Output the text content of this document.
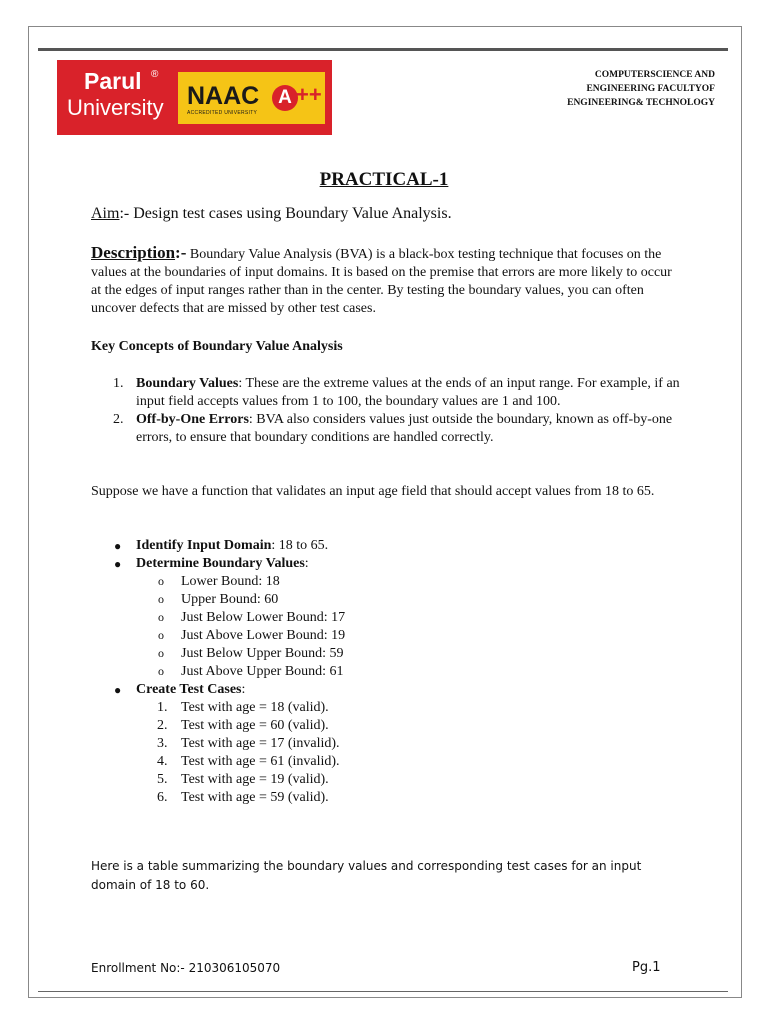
Parul ®
University NAAC
ACCREDITED UNIVERSITY
A ++
COMPUTERSCIENCE AND
ENGINEERING FACULTYOF
ENGINEERING& TECHNOLOGY
PRACTICAL-1
Aim:- Design test cases using Boundary Value Analysis.
Description:- Boundary Value Analysis (BVA) is a black-box testing technique that focuses on the values at the boundaries of input domains. It is based on the premise that errors are more likely to occur at the edges of input ranges rather than in the center. By testing the boundary values, you can often uncover defects that are missed by other test cases.
Key Concepts of Boundary Value Analysis
1. Boundary Values: These are the extreme values at the ends of an input range. For example, if an input field accepts values from 1 to 100, the boundary values are 1 and 100.
2. Off-by-One Errors: BVA also considers values just outside the boundary, known as off-by-one errors, to ensure that boundary conditions are handled correctly.
Suppose we have a function that validates an input age field that should accept values from 18 to 65.
● Identify Input Domain: 18 to 65.
● Determine Boundary Values:
o Lower Bound: 18
o Upper Bound: 60
o Just Below Lower Bound: 17
o Just Above Lower Bound: 19
o Just Below Upper Bound: 59
o Just Above Upper Bound: 61
● Create Test Cases:
1. Test with age = 18 (valid).
2. Test with age = 60 (valid).
3. Test with age = 17 (invalid).
4. Test with age = 61 (invalid).
5. Test with age = 19 (valid).
6. Test with age = 59 (valid).
Here is a table summarizing the boundary values and corresponding test cases for an input domain of 18 to 60.
Enrollment No:- 210306105070	Pg.1
